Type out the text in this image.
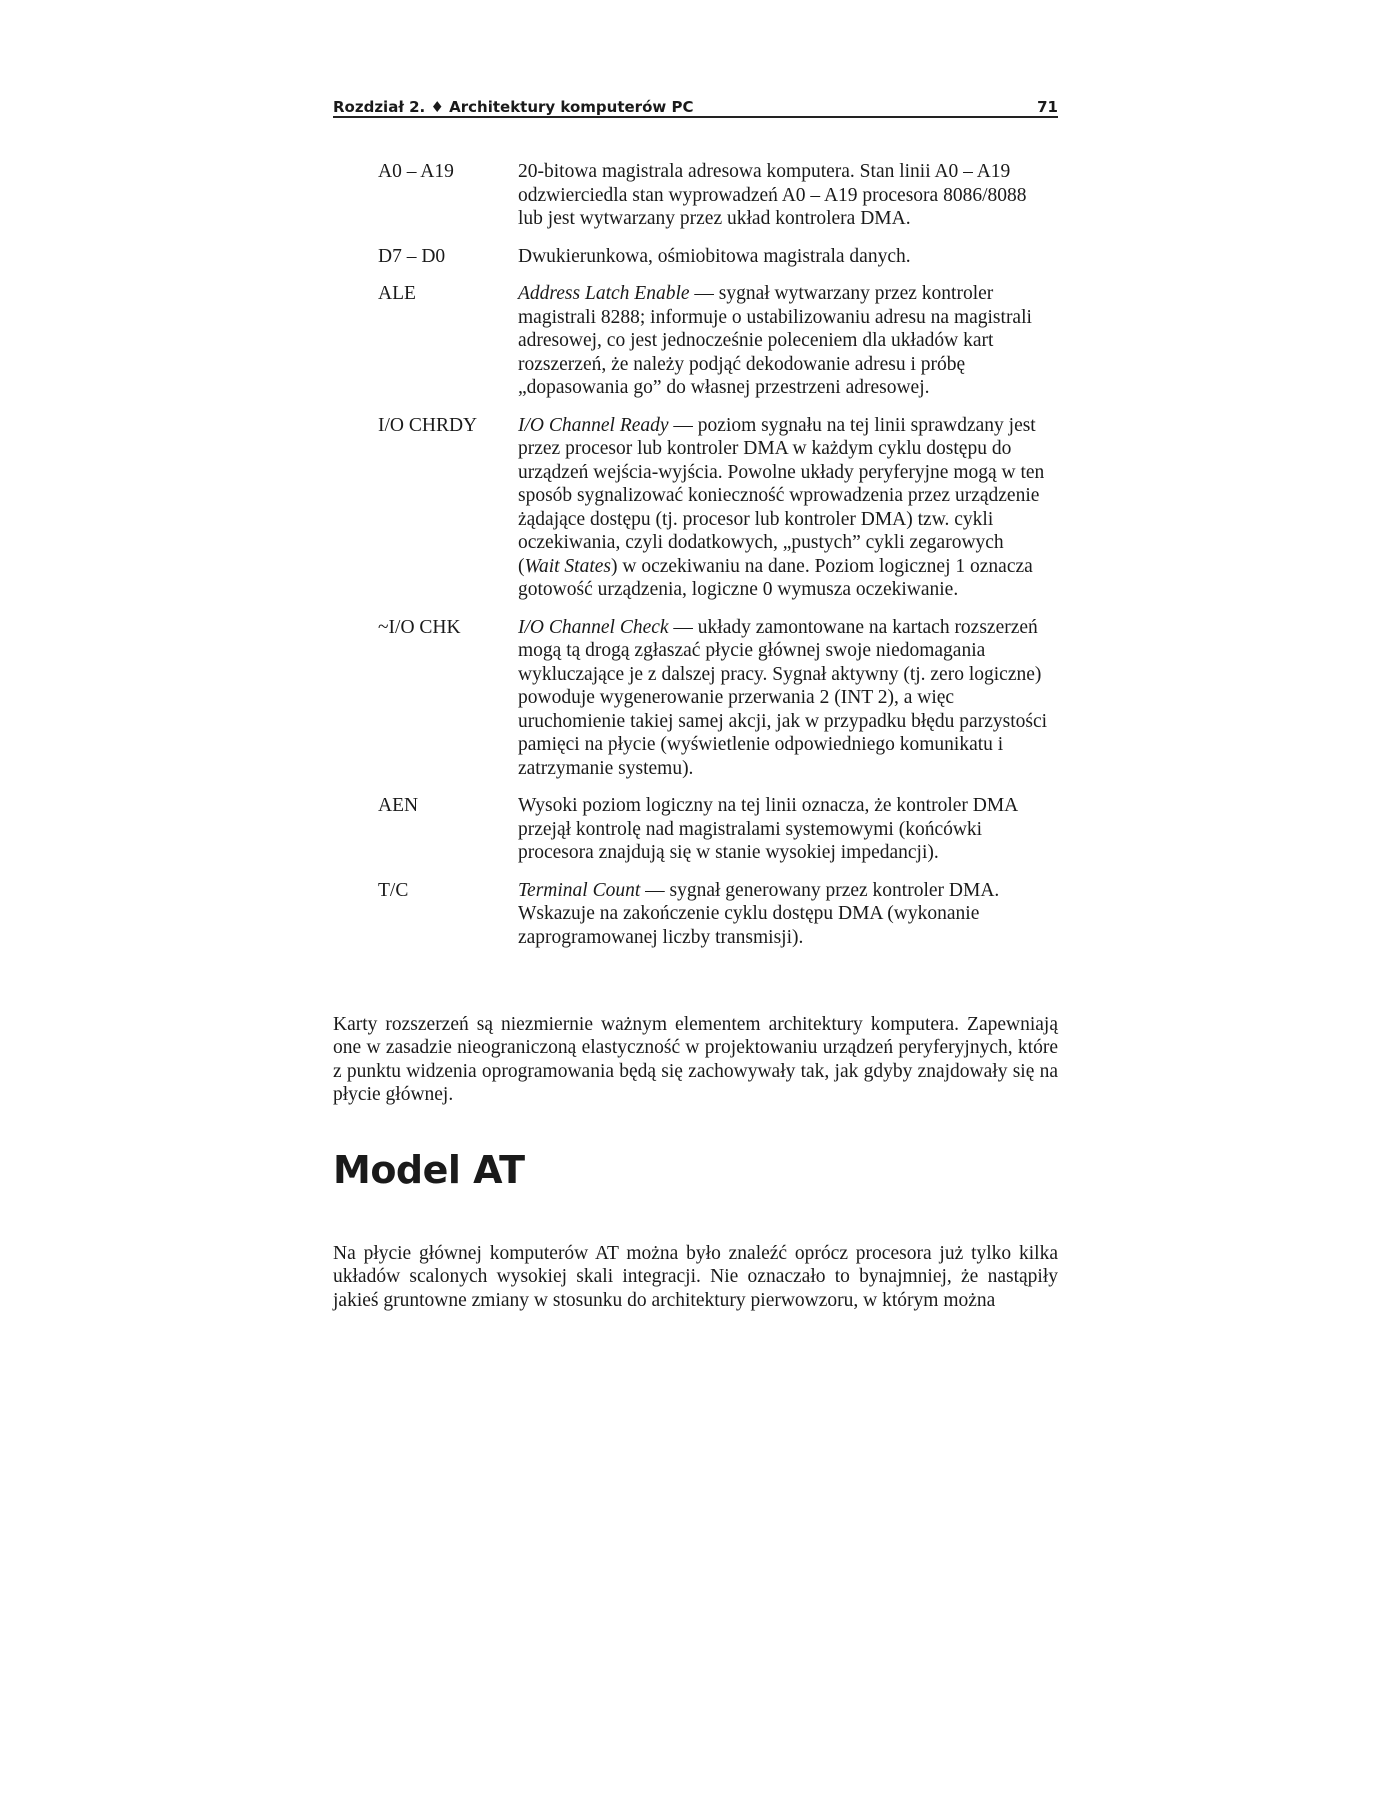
Rozdział 2. ♦ Architektury komputerów PC	71
A0 – A19	20-bitowa magistrala adresowa komputera. Stan linii A0 – A19 odzwierciedla stan wyprowadzeń A0 – A19 procesora 8086/8088 lub jest wytwarzany przez układ kontrolera DMA.
D7 – D0	Dwukierunkowa, ośmiobitowa magistrala danych.
ALE	Address Latch Enable — sygnał wytwarzany przez kontroler magistrali 8288; informuje o ustabilizowaniu adresu na magistrali adresowej, co jest jednocześnie poleceniem dla układów kart rozszerzeń, że należy podjąć dekodowanie adresu i próbę „dopasowania go” do własnej przestrzeni adresowej.
I/O CHRDY	I/O Channel Ready — poziom sygnału na tej linii sprawdzany jest przez procesor lub kontroler DMA w każdym cyklu dostępu do urządzeń wejścia-wyjścia. Powolne układy peryferyjne mogą w ten sposób sygnalizować konieczność wprowadzenia przez urządzenie żądające dostępu (tj. procesor lub kontroler DMA) tzw. cykli oczekiwania, czyli dodatkowych, „pustych” cykli zegarowych (Wait States) w oczekiwaniu na dane. Poziom logicznej 1 oznacza gotowość urządzenia, logiczne 0 wymusza oczekiwanie.
~I/O CHK	I/O Channel Check — układy zamontowane na kartach rozszerzeń mogą tą drogą zgłaszać płycie głównej swoje niedomagania wykluczające je z dalszej pracy. Sygnał aktywny (tj. zero logiczne) powoduje wygenerowanie przerwania 2 (INT 2), a więc uruchomienie takiej samej akcji, jak w przypadku błędu parzystości pamięci na płycie (wyświetlenie odpowiedniego komunikatu i zatrzymanie systemu).
AEN	Wysoki poziom logiczny na tej linii oznacza, że kontroler DMA przejął kontrolę nad magistralami systemowymi (końcówki procesora znajdują się w stanie wysokiej impedancji).
T/C	Terminal Count — sygnał generowany przez kontroler DMA. Wskazuje na zakończenie cyklu dostępu DMA (wykonanie zaprogramowanej liczby transmisji).

Karty rozszerzeń są niezmiernie ważnym elementem architektury komputera. Zapewniają one w zasadzie nieograniczoną elastyczność w projektowaniu urządzeń peryferyjnych, które z punktu widzenia oprogramowania będą się zachowywały tak, jak gdyby znajdowały się na płycie głównej.

Model AT

Na płycie głównej komputerów AT można było znaleźć oprócz procesora już tylko kilka układów scalonych wysokiej skali integracji. Nie oznaczało to bynajmniej, że nastąpiły jakieś gruntowne zmiany w stosunku do architektury pierwowzoru, w którym można
